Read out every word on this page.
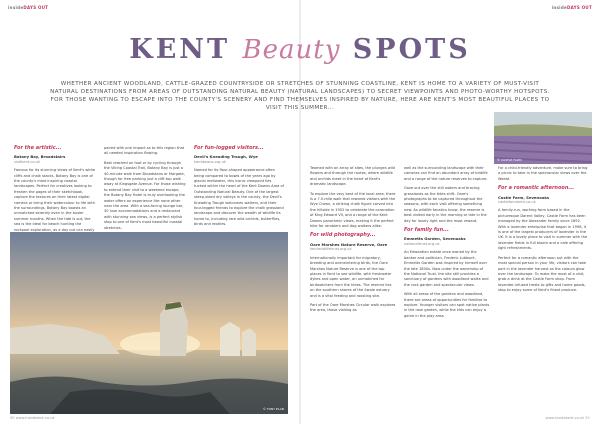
insideDAYS OUT	insideDAYS OUT
KENT Beauty SPOTS
WHETHER ANCIENT WOODLAND, CATTLE-GRAZED COUNTRYSIDE OR STRETCHES OF STUNNING COASTLINE, KENT IS HOME TO A VARIETY OF MUST-VISIT NATURAL DESTINATIONS FROM AREAS OF OUTSTANDING NATURAL BEAUTY (NATURAL LANDSCAPES) TO SECRET VIEWPOINTS AND PHOTO-WORTHY HOTSPOTS. FOR THOSE WANTING TO ESCAPE INTO THE COUNTY'S SCENERY AND FIND THEMSELVES INSPIRED BY NATURE, HERE ARE KENT'S MOST BEAUTIFUL PLACES TO VISIT THIS SUMMER...
For the artistic...
Botany Bay, Broadstairs
visitkent.co.uk

Famous for its stunning views of Kent's white cliffs and chalk stacks, Botany Bay is one of the county's most inspiring coastal landscapes. Perfect for creatives looking to freshen the pages of their sketchbook, capture the textures on their latest digital camera or bring their watercolour to life with the surroundings, Botany Bay boasts an unmatched serenity even in the busier summer months. When the tide is out, the sea is the ideal for beach hunting the rockpool exploration, as a day out can easily

paired with one impact as to this region that all needed inspiration flowing.

Best reached on foot or by cycling through the Viking Coastal Trail, Botany Bay is just a 40-minute walk from Broadstairs or Margate, though for free parking just a cliff-top walk away at Kingsgate Avenue. For those wishing to extend their visit to a weekend escape, the Botany Bay Hotel is truly overlooking the water offers an experience like none other near the area. With a sea-facing lounge bar, 30 luxe accommodations and a restaurant with stunning sea views, is a perfect stylish stop to one of Kent's most beautiful coastal stretches.

For fun-logged visitors...
Devil's Kneading Trough, Wye
kentdowns.org.uk

Named for its flour-shaped appearance often being compared to bowls of the years ago by glacial meltwater, this iconic viewpoint lies tucked within the heart of the Kent Downs Area of Outstanding Natural Beauty. One of the largest steep-sided dry valleys in the county, the Devil's Kneading Trough welcomes walkers, and their four-legged friends to explore the chalk grassland landscape and discover the wealth of wildlife its home to, including rare wild orchids, butterflies, birds and reptiles.

© TONY ELAN
50 www.insidekent.co.uk
© CASTLE FARM

Teamed with an array of sites, the plunges wild flowers and through the routes, where wildlife and orchids meet in the heart of Kent's dramatic landscape.

To explore the very best of the local area, there is a 7.5-mile walk that rewards visitors with the Wye Crown, a striking chalk figure carved into the hillside in 1902 to celebrate the coronation of King Edward VII, and a range of the Kent Downs panoramic views, making it the perfect hike for ramblers and dog walkers alike.

For wild photography...
Oare Marshes Nature Reserve, Oare
kentwildlifetrust.org.uk

Internationally important for migratory, breeding and overwintering birds, the Oare Marshes Nature Reserve is one of the top places in Kent to see wildlife, with freshwater dykes and open water, an unmatched for birdwatchers from the hides. The reserve lies on the southern shores of the Swale estuary and is a vital feeding and roosting site.

Part of the Oare Marshes Circular walk explores the area, those visiting as

well as the surrounding landscape with their cameras can find an abundant array of birdlife and a range of the nature reserves to capture.

Gaze out over the still waters and bracing grasslands as the tides shift. Oare's photographs to be captured throughout the seasons, with each visit offering something new. As wildlife fanatics know, the reserve is best visited early in the morning or late in the day for lovely light and the most reward.

For family fun...
Emmetts Garden, Sevenoaks
nationaltrust.org.uk

An Edwardian estate once owned by the banker and politician, Frederic Lubbock, Emmetts Garden was inspired by himself over the late 1800s. Now under the ownership of the National Trust, the site still provides a sanctuary of gardens with woodland walks and the rock garden and spectacular views.

With all areas of the gardens and woodland, there are areas of opportunities for families to explore. Younger visitors can spot native plants in the rose garden, while the kids can enjoy a game in the play area.

For a child-friendly adventure, make sure to bring a picnic to take in the spectacular views over the Weald.

For a romantic afternoon...
Castle Farm, Sevenoaks
castlefarmkent.co.uk

A family-run, working farm based in the picturesque Darent Valley, Castle Farm has been managed by the Alexander family since 1892. With a lavender enterprise that began in 1998, it is one of the largest producers of lavender in the UK. It is a lovely place to visit in summer with the lavender fields in full bloom and a cafe offering light refreshments.

Perfect for a romantic afternoon out with the most special person in your life, visitors can take part in the lavender harvest as the colours glow over the landscape. To make the most of a visit, grab a drink at the Castle Farm shop. From lavender-infused treats to gifts and home goods, stop to enjoy some of Kent's finest produce.

www.insidekent.co.uk 51
